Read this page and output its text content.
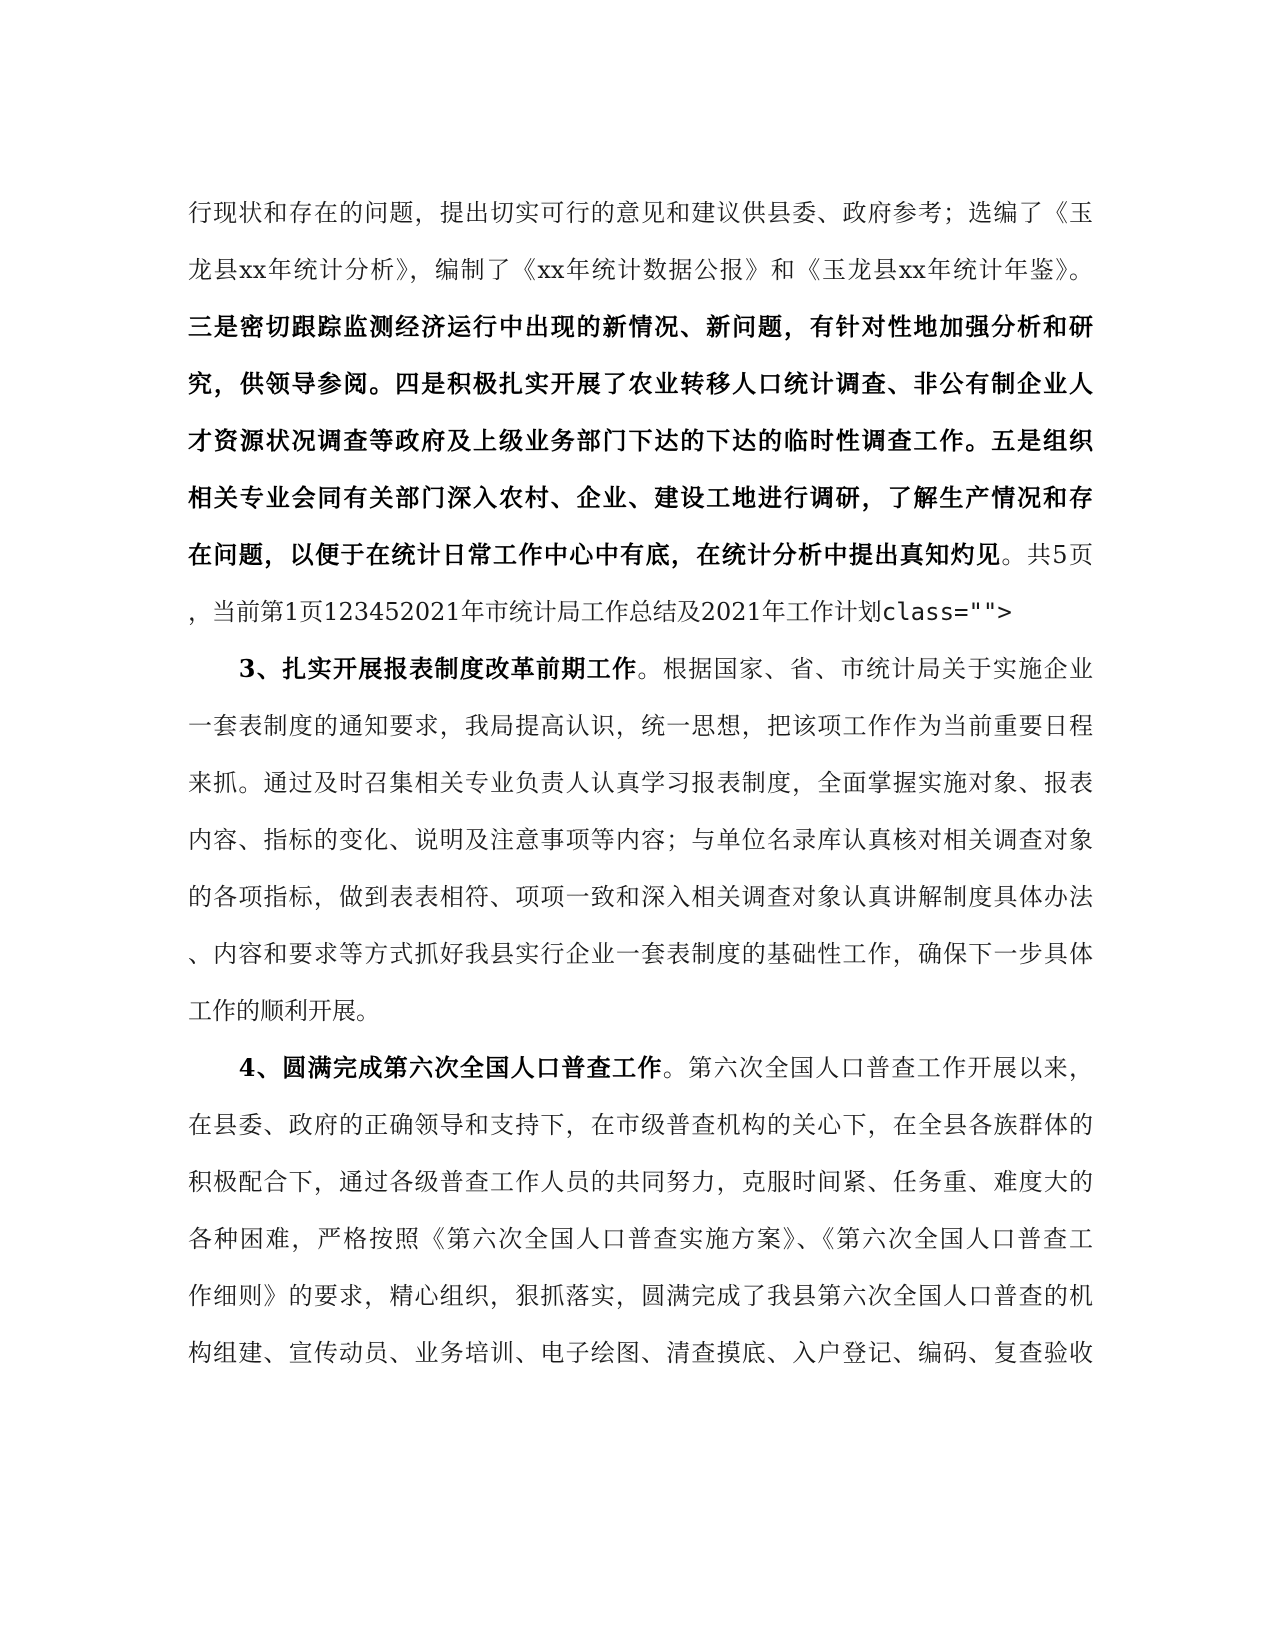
行现状和存在的问题，提出切实可行的意见和建议供县委、政府参考；选编了《玉
龙县xx年统计分析》，编制了《xx年统计数据公报》和《玉龙县xx年统计年鉴》。
三是密切跟踪监测经济运行中出现的新情况、新问题，有针对性地加强分析和研
究，供领导参阅。四是积极扎实开展了农业转移人口统计调查、非公有制企业人
才资源状况调查等政府及上级业务部门下达的下达的临时性调查工作。五是组织
相关专业会同有关部门深入农村、企业、建设工地进行调研，了解生产情况和存
在问题，以便于在统计日常工作中心中有底，在统计分析中提出真知灼见。共5页
，当前第1页123452021年市统计局工作总结及2021年工作计划class="">
　　3、扎实开展报表制度改革前期工作。根据国家、省、市统计局关于实施企业
一套表制度的通知要求，我局提高认识，统一思想，把该项工作作为当前重要日程
来抓。通过及时召集相关专业负责人认真学习报表制度，全面掌握实施对象、报表
内容、指标的变化、说明及注意事项等内容；与单位名录库认真核对相关调查对象
的各项指标，做到表表相符、项项一致和深入相关调查对象认真讲解制度具体办法
、内容和要求等方式抓好我县实行企业一套表制度的基础性工作，确保下一步具体
工作的顺利开展。
　　4、圆满完成第六次全国人口普查工作。第六次全国人口普查工作开展以来，
在县委、政府的正确领导和支持下，在市级普查机构的关心下，在全县各族群体的
积极配合下，通过各级普查工作人员的共同努力，克服时间紧、任务重、难度大的
各种困难，严格按照《第六次全国人口普查实施方案》、《第六次全国人口普查工
作细则》的要求，精心组织，狠抓落实，圆满完成了我县第六次全国人口普查的机
构组建、宣传动员、业务培训、电子绘图、清查摸底、入户登记、编码、复查验收
